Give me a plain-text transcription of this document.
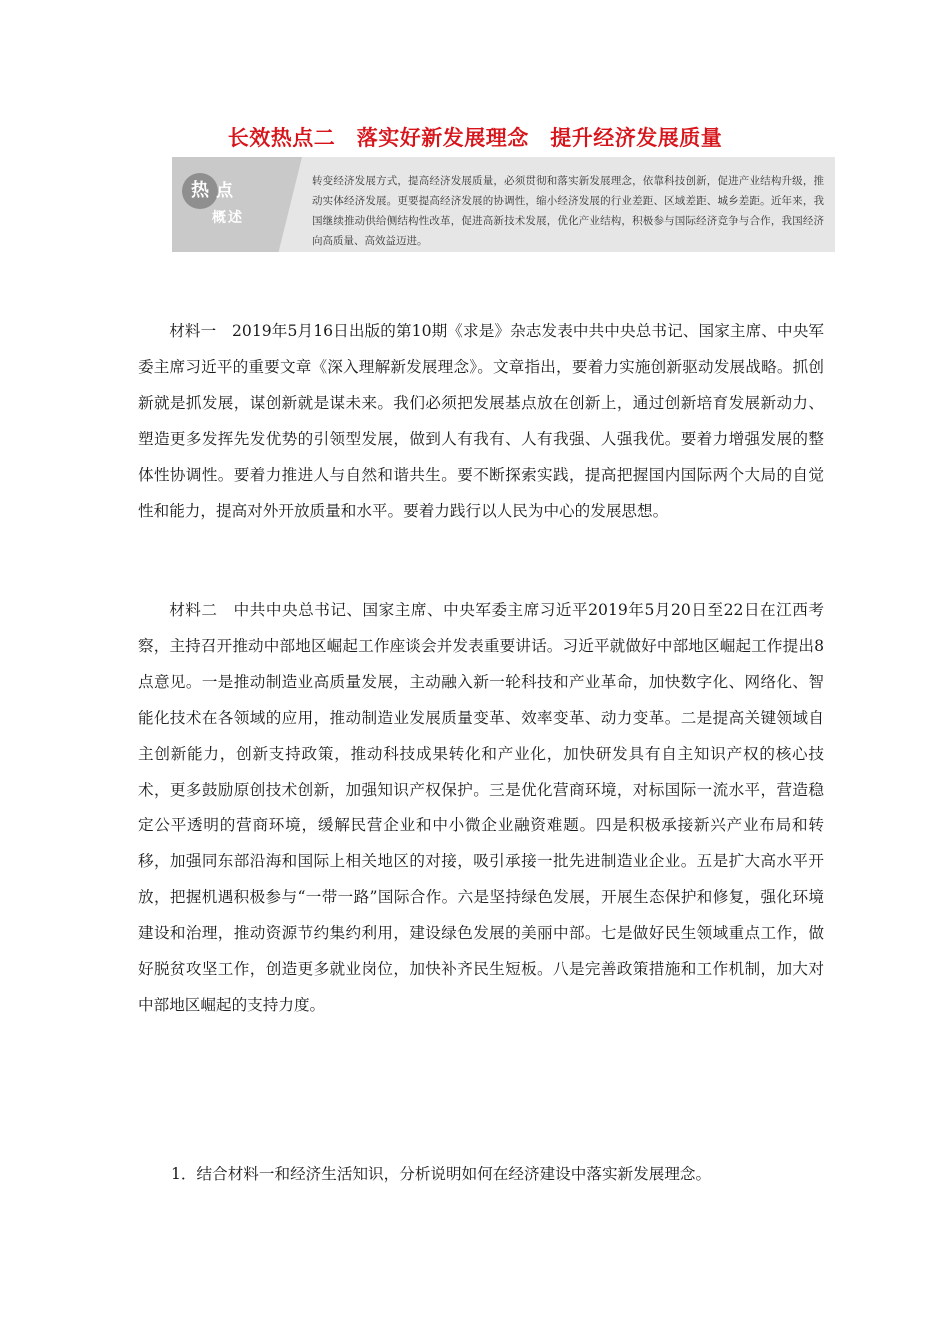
长效热点二　落实好新发展理念　提升经济发展质量
热 点
概述
转变经济发展方式，提高经济发展质量，必须贯彻和落实新发展理念，依靠科技创新，促进产业结构升级，推动实体经济发展。更要提高经济发展的协调性，缩小经济发展的行业差距、区域差距、城乡差距。近年来，我国继续推动供给侧结构性改革，促进高新技术发展，优化产业结构，积极参与国际经济竞争与合作，我国经济向高质量、高效益迈进。

材料一　2019年5月16日出版的第10期《求是》杂志发表中共中央总书记、国家主席、中央军委主席习近平的重要文章《深入理解新发展理念》。文章指出，要着力实施创新驱动发展战略。抓创新就是抓发展，谋创新就是谋未来。我们必须把发展基点放在创新上，通过创新培育发展新动力、塑造更多发挥先发优势的引领型发展，做到人有我有、人有我强、人强我优。要着力增强发展的整体性协调性。要着力推进人与自然和谐共生。要不断探索实践，提高把握国内国际两个大局的自觉性和能力，提高对外开放质量和水平。要着力践行以人民为中心的发展思想。

材料二　中共中央总书记、国家主席、中央军委主席习近平2019年5月20日至22日在江西考察，主持召开推动中部地区崛起工作座谈会并发表重要讲话。习近平就做好中部地区崛起工作提出8点意见。一是推动制造业高质量发展，主动融入新一轮科技和产业革命，加快数字化、网络化、智能化技术在各领域的应用，推动制造业发展质量变革、效率变革、动力变革。二是提高关键领域自主创新能力，创新支持政策，推动科技成果转化和产业化，加快研发具有自主知识产权的核心技术，更多鼓励原创技术创新，加强知识产权保护。三是优化营商环境，对标国际一流水平，营造稳定公平透明的营商环境，缓解民营企业和中小微企业融资难题。四是积极承接新兴产业布局和转移，加强同东部沿海和国际上相关地区的对接，吸引承接一批先进制造业企业。五是扩大高水平开放，把握机遇积极参与“一带一路”国际合作。六是坚持绿色发展，开展生态保护和修复，强化环境建设和治理，推动资源节约集约利用，建设绿色发展的美丽中部。七是做好民生领域重点工作，做好脱贫攻坚工作，创造更多就业岗位，加快补齐民生短板。八是完善政策措施和工作机制，加大对中部地区崛起的支持力度。

1．结合材料一和经济生活知识，分析说明如何在经济建设中落实新发展理念。
